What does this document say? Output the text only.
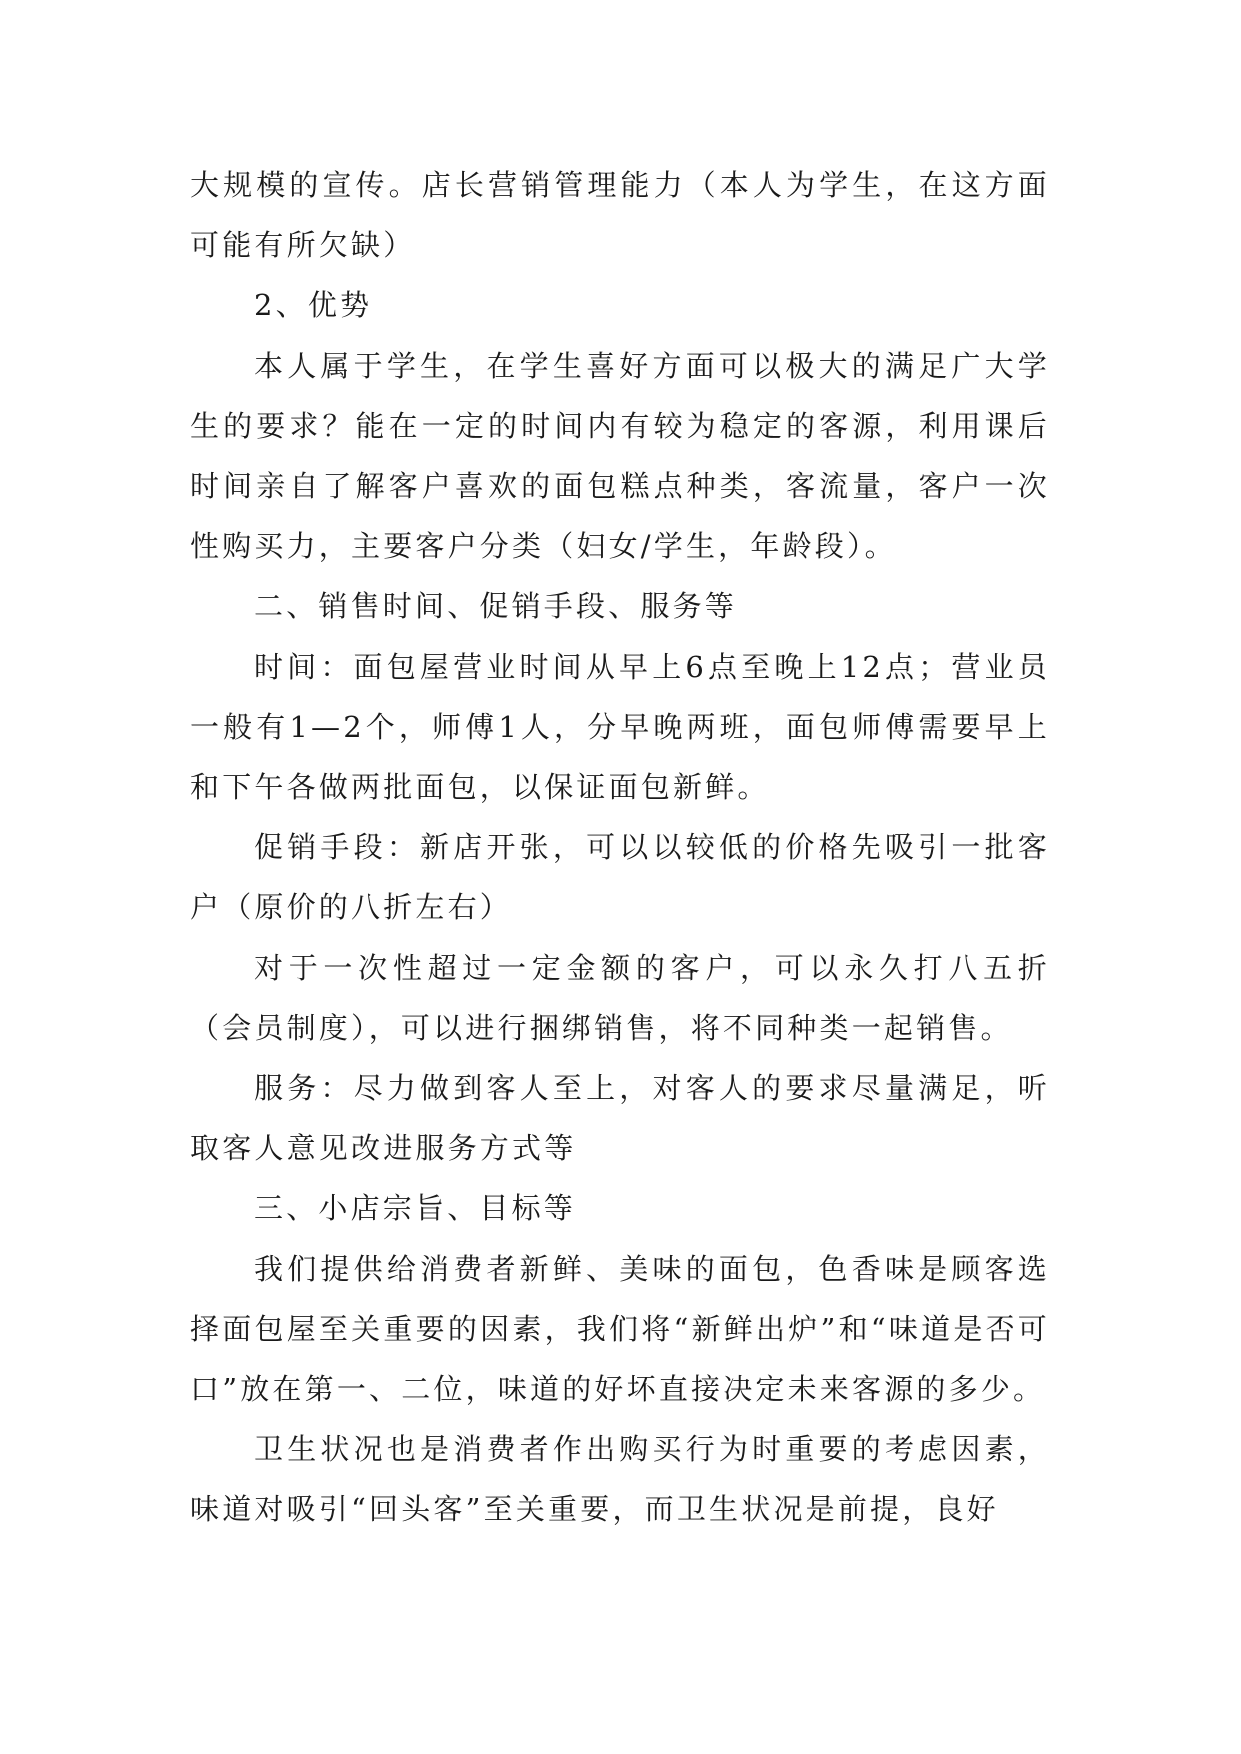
大规模的宣传。店长营销管理能力（本人为学生，在这方面可能有所欠缺）

2、优势

本人属于学生，在学生喜好方面可以极大的满足广大学生的要求？能在一定的时间内有较为稳定的客源，利用课后时间亲自了解客户喜欢的面包糕点种类，客流量，客户一次性购买力，主要客户分类（妇女/学生，年龄段）。

二、销售时间、促销手段、服务等

时间：面包屋营业时间从早上6点至晚上12点；营业员一般有1—2个，师傅1人，分早晚两班，面包师傅需要早上和下午各做两批面包，以保证面包新鲜。

促销手段：新店开张，可以以较低的价格先吸引一批客户（原价的八折左右）

对于一次性超过一定金额的客户，可以永久打八五折（会员制度），可以进行捆绑销售，将不同种类一起销售。

服务：尽力做到客人至上，对客人的要求尽量满足，听取客人意见改进服务方式等

三、小店宗旨、目标等

我们提供给消费者新鲜、美味的面包，色香味是顾客选择面包屋至关重要的因素，我们将“新鲜出炉”和“味道是否可口”放在第一、二位，味道的好坏直接决定未来客源的多少。

卫生状况也是消费者作出购买行为时重要的考虑因素，味道对吸引“回头客”至关重要，而卫生状况是前提，良好
